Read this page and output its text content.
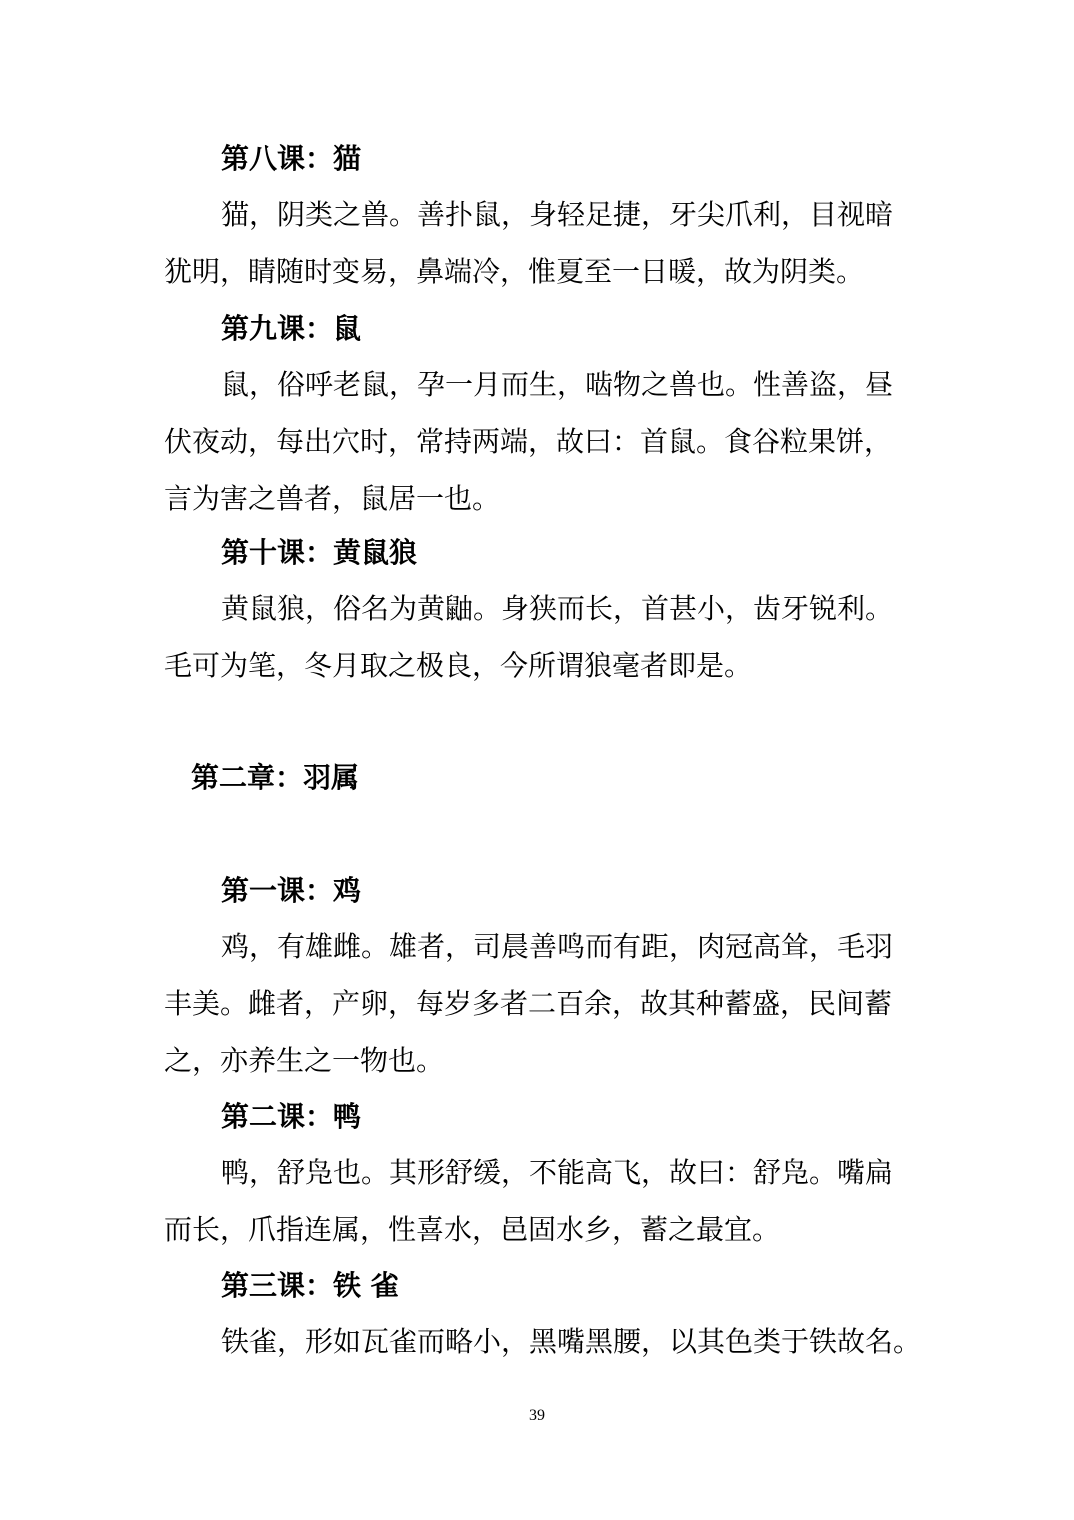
第八课：猫
猫，阴类之兽。善扑鼠，身轻足捷，牙尖爪利，目视暗
犹明，睛随时变易，鼻端冷，惟夏至一日暖，故为阴类。
第九课：鼠
鼠，俗呼老鼠，孕一月而生，啮物之兽也。性善盗，昼
伏夜动，每出穴时，常持两端，故曰：首鼠。食谷粒果饼，
言为害之兽者，鼠居一也。
第十课：黄鼠狼
黄鼠狼，俗名为黄鼬。身狭而长，首甚小，齿牙锐利。
毛可为笔，冬月取之极良，今所谓狼毫者即是。
第二章：羽属
第一课：鸡
鸡，有雄雌。雄者，司晨善鸣而有距，肉冠高耸，毛羽
丰美。雌者，产卵，每岁多者二百余，故其种蓄盛，民间蓄
之，亦养生之一物也。
第二课：鸭
鸭，舒凫也。其形舒缓，不能高飞，故曰：舒凫。嘴扁
而长，爪指连属，性喜水，邑固水乡，蓄之最宜。
第三课：铁 雀
铁雀，形如瓦雀而略小，黑嘴黑腰，以其色类于铁故名。
39
